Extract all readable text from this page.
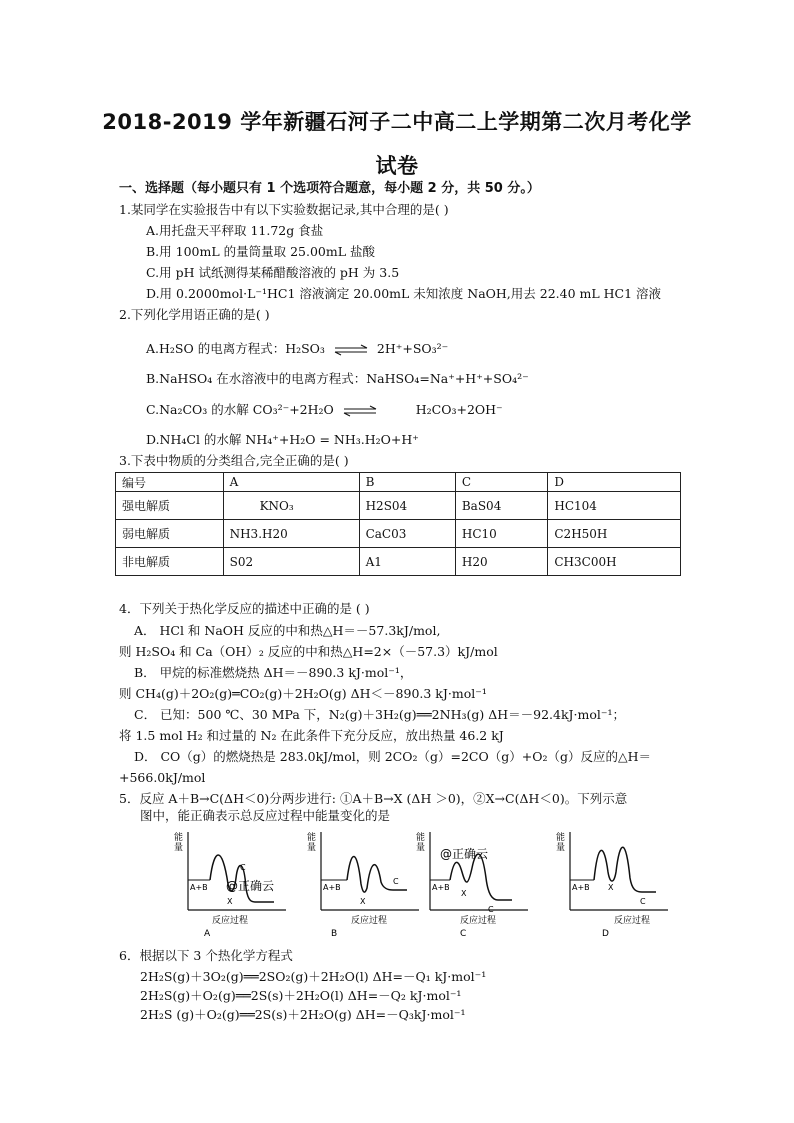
2018-2019 学年新疆石河子二中高二上学期第二次月考化学
试卷
一、选择题（每小题只有 1 个选项符合题意，每小题 2 分，共 50 分。）
1.某同学在实验报告中有以下实验数据记录,其中合理的是( )
A.用托盘天平秤取 11.72g 食盐
B.用 100mL 的量筒量取 25.00mL 盐酸
C.用 pH 试纸测得某稀醋酸溶液的 pH 为 3.5
D.用 0.2000mol·L⁻¹HC1 溶液滴定 20.00mL 未知浓度 NaOH,用去 22.40 mL HC1 溶液
2.下列化学用语正确的是( )
A.H₂SO 的电离方程式：H₂SO₃ ⇌ 2H⁺+SO₃²⁻
B.NaHSO₄ 在水溶液中的电离方程式：NaHSO₄=Na⁺+H⁺+SO₄²⁻
C.Na₂CO₃ 的水解 CO₃²⁻+2H₂O ⇌	H₂CO₃+2OH⁻
D.NH₄Cl 的水解 NH₄⁺+H₂O = NH₃.H₂O+H⁺
3.下表中物质的分类组合,完全正确的是( )
编号	A	B	C	D
强电解质	KNO₃	H2S04	BaS04	HC104
弱电解质	NH3.H20	CaC03	HC10	C2H50H
非电解质	S02	A1	H20	CH3C00H
4．下列关于热化学反应的描述中正确的是 ( )
A． HCl 和 NaOH 反应的中和热△H＝－57.3kJ/mol,
则 H₂SO₄ 和 Ca（OH）₂ 反应的中和热△H=2×（－57.3）kJ/mol
B． 甲烷的标准燃烧热 ΔH＝－890.3 kJ·mol⁻¹，
则 CH₄(g)＋2O₂(g)═CO₂(g)＋2H₂O(g) ΔH＜－890.3 kJ·mol⁻¹
C． 已知：500 ℃、30 MPa 下，N₂(g)＋3H₂(g)══2NH₃(g) ΔH＝－92.4kJ·mol⁻¹；
将 1.5 mol H₂ 和过量的 N₂ 在此条件下充分反应，放出热量 46.2 kJ
D． CO（g）的燃烧热是 283.0kJ/mol，则 2CO₂（g）=2CO（g）+O₂（g）反应的△H＝
+566.0kJ/mol
5．反应 A＋B→C(ΔH＜0)分两步进行: ①A＋B→X (ΔH ＞0)，②X→C(ΔH＜0)。下列示意
图中，能正确表示总反应过程中能量变化的是
能
量
A+B
X
C
@正确云
反应过程
A
能
量
A+B
X
C
反应过程
B
能
量
A+B
X
C
@正确云
反应过程
C
能
量
A+B X
C
反应过程
D
6．根据以下 3 个热化学方程式
2H₂S(g)＋3O₂(g)══2SO₂(g)＋2H₂O(l) ΔH=－Q₁ kJ·mol⁻¹
2H₂S(g)＋O₂(g)══2S(s)＋2H₂O(l) ΔH=－Q₂ kJ·mol⁻¹
2H₂S (g)＋O₂(g)══2S(s)＋2H₂O(g) ΔH=－Q₃kJ·mol⁻¹
